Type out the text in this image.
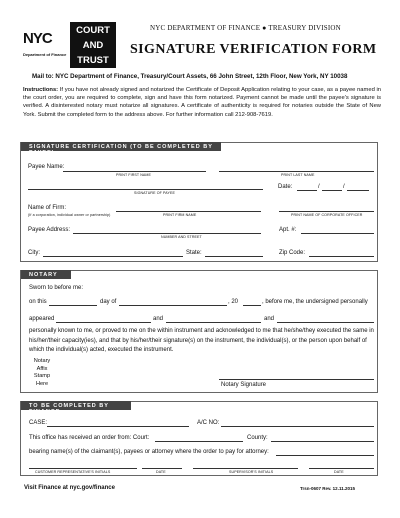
NYC
Department of Finance
COURT
AND
TRUST
NYC DEPARTMENT OF FINANCE ● TREASURY DIVISION
SIGNATURE VERIFICATION FORM
Mail to: NYC Department of Finance, Treasury/Court Assets, 66 John Street, 12th Floor, New York, NY 10038
Instructions: If you have not already signed and notarized the Certificate of Deposit Application relating to your case, as a payee named in the court order, you are required to complete, sign and have this form notarized. Payment cannot be made until the payee's signature is verified. A disinterested notary must notarize all signatures. A certificate of authenticity is required for notaries outside the State of New York. Submit the completed form to the address above. For further information call 212-908-7619.
SIGNATURE CERTIFICATION (TO BE COMPLETED BY PAYEE)
Payee Name:
PRINT FIRST NAME	PRINT LAST NAME
SIGNATURE OF PAYEE
Date:	/	/
Name of Firm:
(If a corporation, individual owner or partnership)	PRINT FIRM NAME	PRINT NAME OF CORPORATE OFFICER
Payee Address:
NUMBER AND STREET
Apt. #:
City:	State:	Zip Code:
NOTARY
Sworn to before me:
on this	day of	, 20	, before me, the undersigned personally
appeared	and	and
personally known to me, or proved to me on the within instrument and acknowledged to me that he/she/they executed the same in his/her/their capacity(ies), and that by his/her/their signature(s) on the instrument, the individual(s), or the person upon behalf of which the individual(s) acted, executed the instrument.
Notary
Affix
Stamp
Here	Notary Signature
TO BE COMPLETED BY FINANCE
CASE:	A/C NO:
This office has received an order from: Court:	County:
bearing name(s) of the claimant(s), payees or attorney where the order to pay for attorney:
CUSTOMER REPRESENTATIVE'S INITIALS	DATE	SUPERVISOR'S INITIALS	DATE
Visit Finance at nyc.gov/finance	Trsn-0607 Rev. 12.11.2015
